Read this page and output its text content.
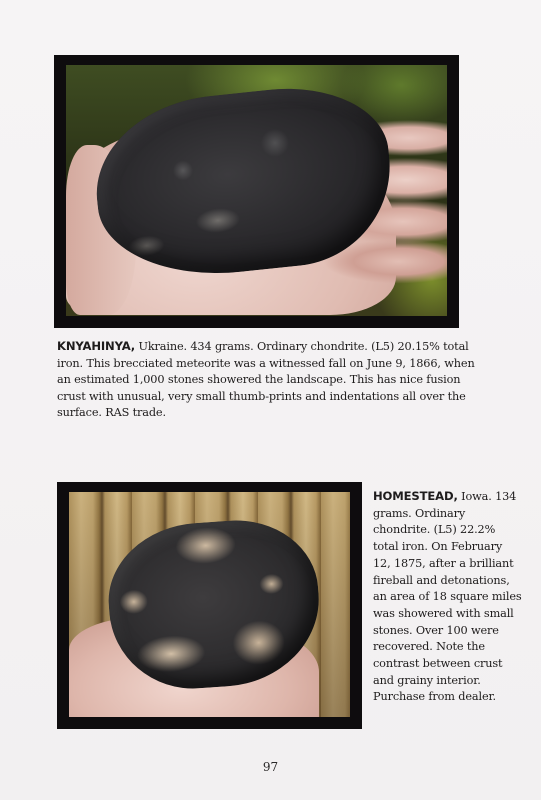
KNYAHINYA, Ukraine. 434 grams. Ordinary chondrite. (L5) 20.15% total iron. This brecciated meteorite was a witnessed fall on June 9, 1866, when an estimated 1,000 stones showered the landscape. This has nice fusion crust with unusual, very small thumb-prints and indentations all over the surface. RAS trade.

HOMESTEAD, Iowa. 134 grams. Ordinary chondrite. (L5) 22.2% total iron. On February 12, 1875, after a brilliant fireball and detonations, an area of 18 square miles was showered with small stones. Over 100 were recovered. Note the contrast between crust and grainy interior. Purchase from dealer.

97
